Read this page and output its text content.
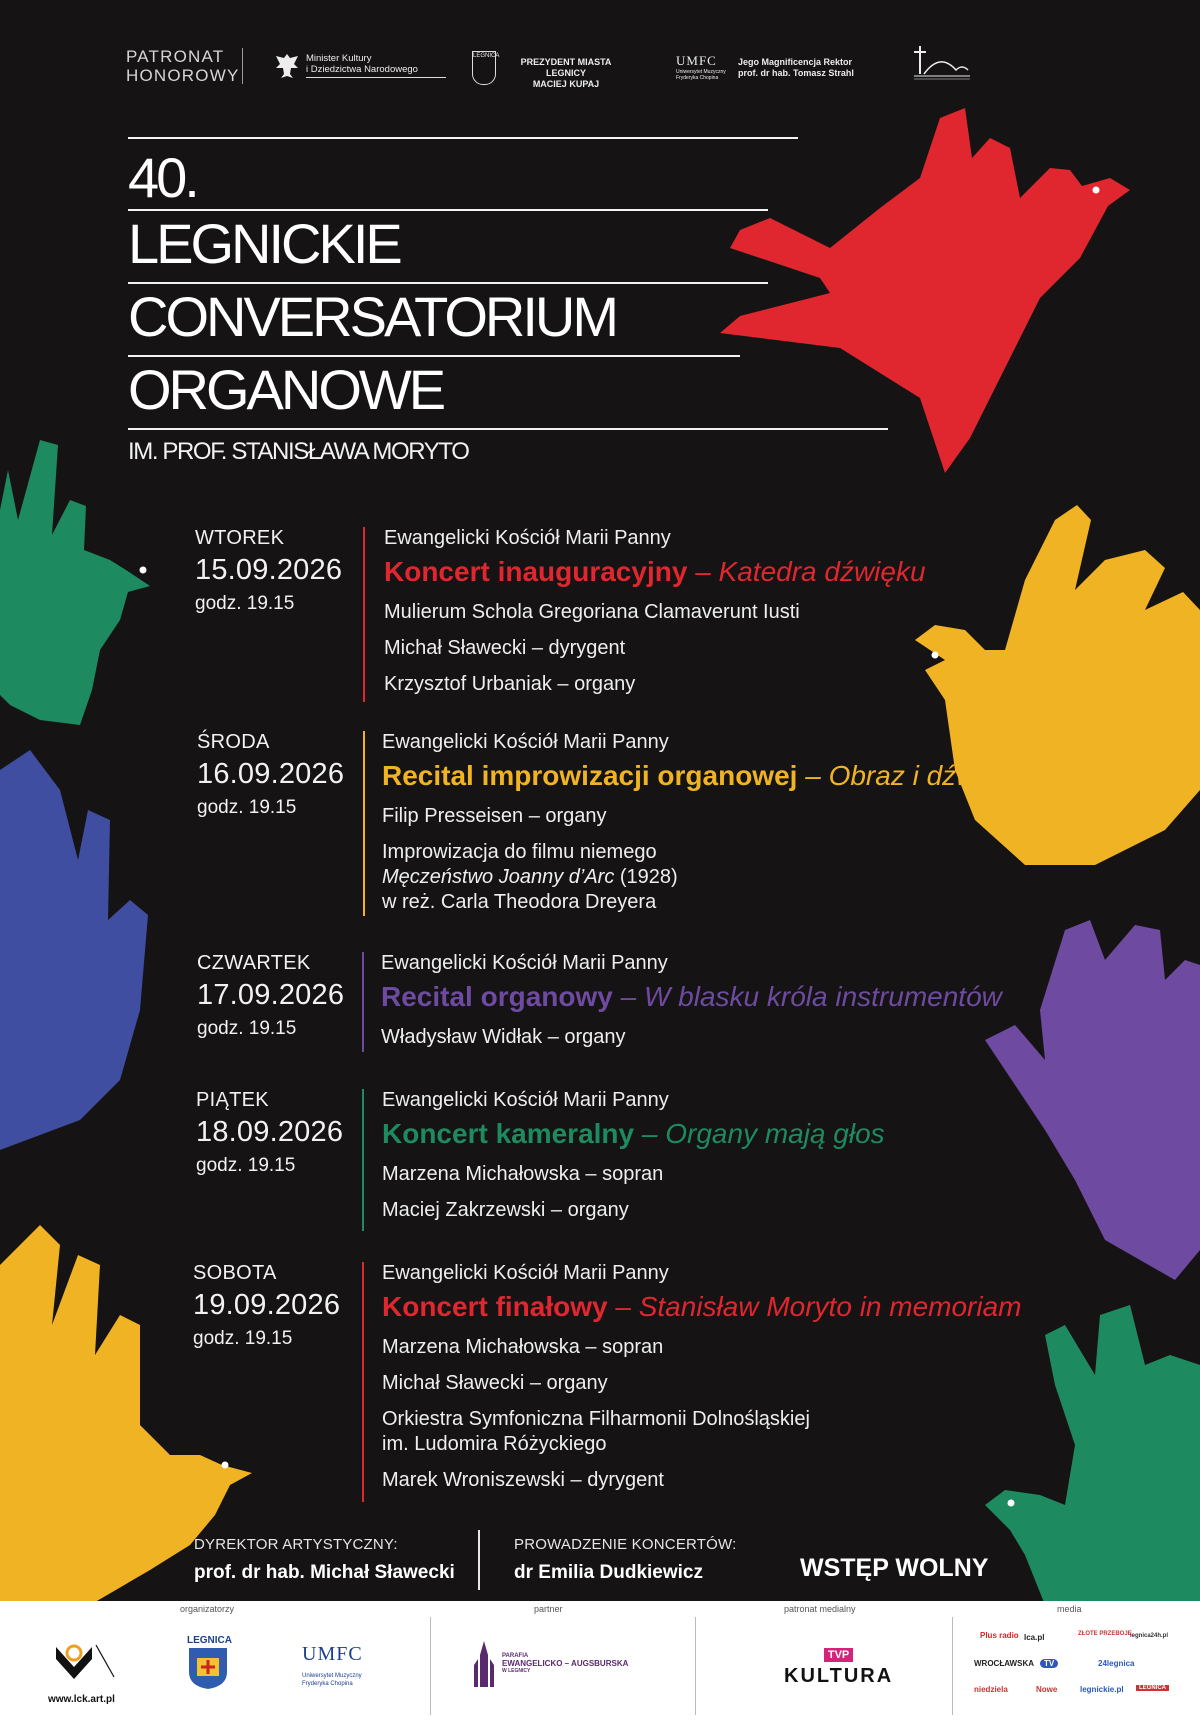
PATRONAT
HONOROWY
Minister Kultury
i Dziedzictwa Narodowego
LEGNICA
PREZYDENT MIASTA LEGNICY
MACIEJ KUPAJ
UMFC
Uniwersytet Muzyczny Fryderyka Chopina
Jego Magnificencja Rektor
prof. dr hab. Tomasz Strahl
40.
LEGNICKIE
CONVERSATORIUM
ORGANOWE
IM. PROF. STANISŁAWA MORYTO
WTOREK
15.09.2026
godz. 19.15
Ewangelicki Kościół Marii Panny
Koncert inauguracyjny – Katedra dźwięku
Mulierum Schola Gregoriana Clamaverunt Iusti
Michał Sławecki – dyrygent
Krzysztof Urbaniak – organy
ŚRODA
16.09.2026
godz. 19.15
Ewangelicki Kościół Marii Panny
Recital improwizacji organowej – Obraz i dźwięk
Filip Presseisen – organy
Improwizacja do filmu niemego
Męczeństwo Joanny d’Arc (1928)
w reż. Carla Theodora Dreyera
CZWARTEK
17.09.2026
godz. 19.15
Ewangelicki Kościół Marii Panny
Recital organowy – W blasku króla instrumentów
Władysław Widłak – organy
PIĄTEK
18.09.2026
godz. 19.15
Ewangelicki Kościół Marii Panny
Koncert kameralny – Organy mają głos
Marzena Michałowska – sopran
Maciej Zakrzewski – organy
SOBOTA
19.09.2026
godz. 19.15
Ewangelicki Kościół Marii Panny
Koncert finałowy – Stanisław Moryto in memoriam
Marzena Michałowska – sopran
Michał Sławecki – organy
Orkiestra Symfoniczna Filharmonii Dolnośląskiej
im. Ludomira Różyckiego
Marek Wroniszewski – dyrygent
DYREKTOR ARTYSTYCZNY:
prof. dr hab. Michał Sławecki
PROWADZENIE KONCERTÓW:
dr Emilia Dudkiewicz	WSTĘP WOLNY
organizatorzy	partner	patronat medialny	media
www.lck.art.pl
LEGNICA
UMFC
Uniwersytet Muzyczny
Fryderyka Chopina
PARAFIA
EWANGELICKO – AUGSBURSKA
W LEGNICY
TVP
KULTURA
Plus radio lca.pl	ZŁOTE PRZEBOJE
legnica24h.pl
WROCŁAWSKA	TV	24legnica
niedziela	Nowe	legnickie.pl	LEGNICA
